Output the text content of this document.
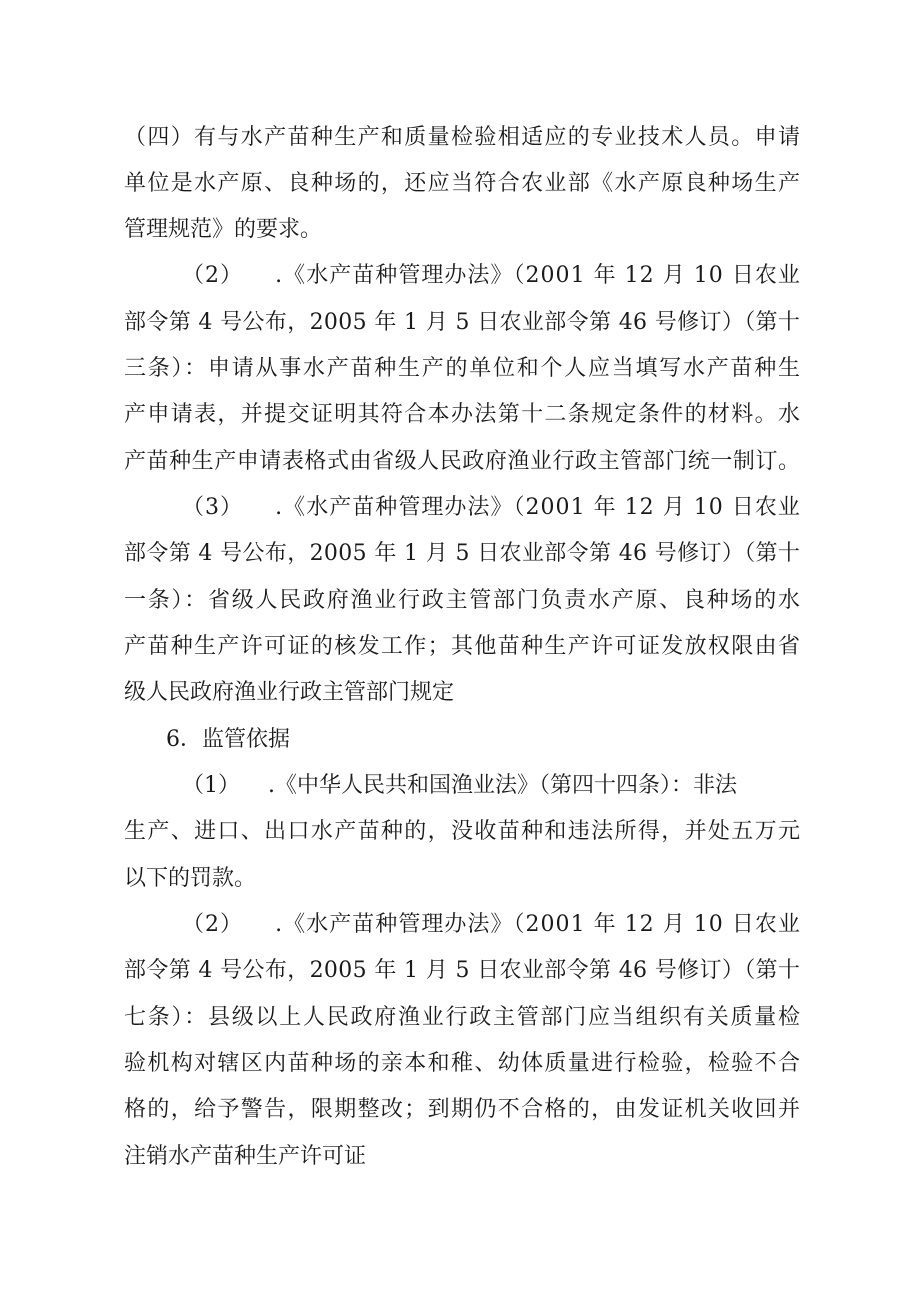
（四）有与水产苗种生产和质量检验相适应的专业技术人员。申请
单位是水产原、良种场的，还应当符合农业部《水产原良种场生产
管理规范》的要求。
（2）    .《水产苗种管理办法》（2001 年 12 月 10 日农业
部令第 4 号公布，2005 年 1 月 5 日农业部令第 46 号修订）（第十
三条）：申请从事水产苗种生产的单位和个人应当填写水产苗种生
产申请表，并提交证明其符合本办法第十二条规定条件的材料。水
产苗种生产申请表格式由省级人民政府渔业行政主管部门统一制订。
（3）    .《水产苗种管理办法》（2001 年 12 月 10 日农业
部令第 4 号公布，2005 年 1 月 5 日农业部令第 46 号修订）（第十
一条）：省级人民政府渔业行政主管部门负责水产原、良种场的水
产苗种生产许可证的核发工作；其他苗种生产许可证发放权限由省
级人民政府渔业行政主管部门规定
6．监管依据
（1）    .《中华人民共和国渔业法》（第四十四条）：非法
生产、进口、出口水产苗种的，没收苗种和违法所得，并处五万元
以下的罚款。
（2）    .《水产苗种管理办法》（2001 年 12 月 10 日农业
部令第 4 号公布，2005 年 1 月 5 日农业部令第 46 号修订）（第十
七条）：县级以上人民政府渔业行政主管部门应当组织有关质量检
验机构对辖区内苗种场的亲本和稚、幼体质量进行检验，检验不合
格的，给予警告，限期整改；到期仍不合格的，由发证机关收回并
注销水产苗种生产许可证
